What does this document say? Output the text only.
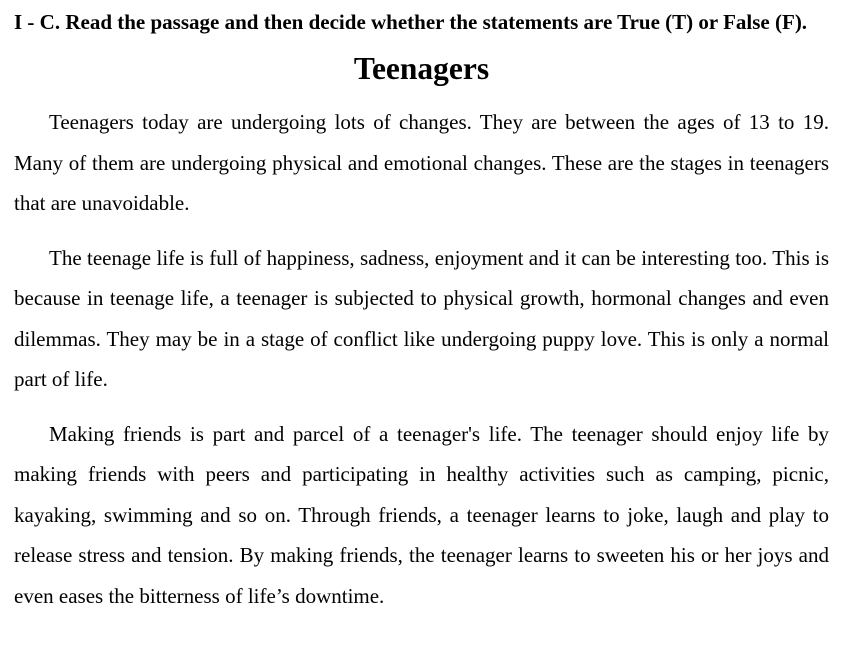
I - C. Read the passage and then decide whether the statements are True (T) or False (F).

Teenagers

Teenagers today are undergoing lots of changes. They are between the ages of 13 to 19. Many of them are undergoing physical and emotional changes. These are the stages in teenagers that are unavoidable.

The teenage life is full of happiness, sadness, enjoyment and it can be interesting too. This is because in teenage life, a teenager is subjected to physical growth, hormonal changes and even dilemmas. They may be in a stage of conflict like undergoing puppy love. This is only a normal part of life.

Making friends is part and parcel of a teenager's life. The teenager should enjoy life by making friends with peers and participating in healthy activities such as camping, picnic, kayaking, swimming and so on. Through friends, a teenager learns to joke, laugh and play to release stress and tension. By making friends, the teenager learns to sweeten his or her joys and even eases the bitterness of life’s downtime.
